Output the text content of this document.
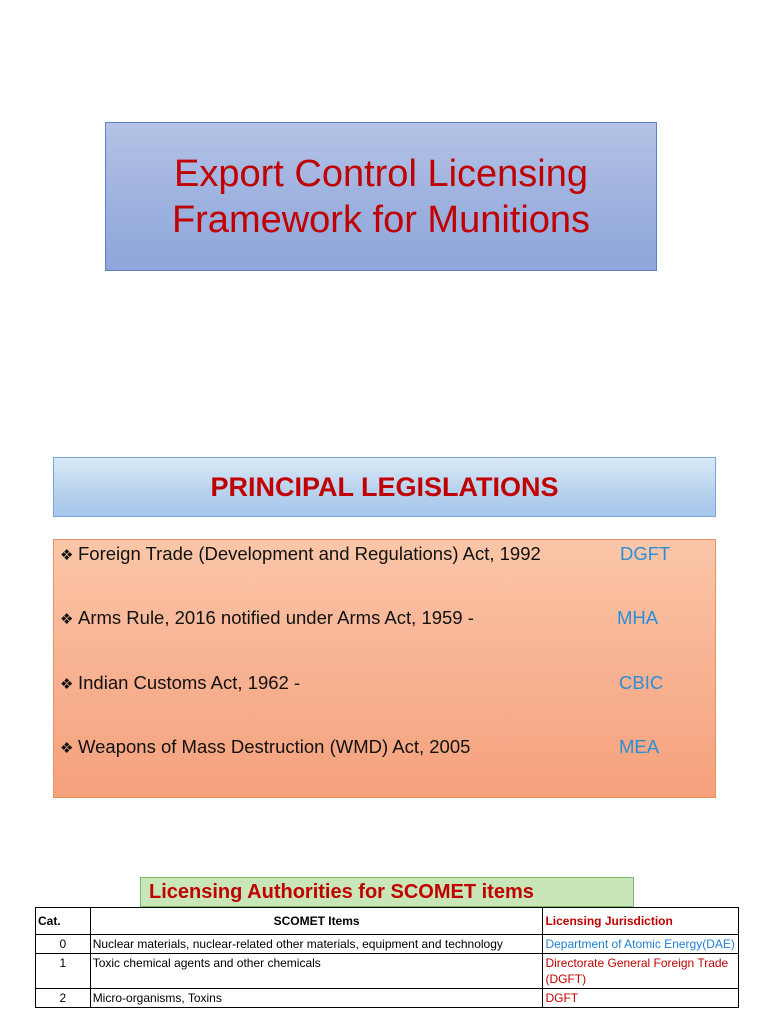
Export Control Licensing
Framework for Munitions
PRINCIPAL LEGISLATIONS
❖ Foreign Trade (Development and Regulations) Act, 1992	DGFT
❖ Arms Rule, 2016 notified under Arms Act, 1959 -	MHA
❖ Indian Customs Act, 1962 -	CBIC
❖ Weapons of Mass Destruction (WMD) Act, 2005	MEA
Licensing Authorities for SCOMET items
Cat.	SCOMET Items	Licensing Jurisdiction
0	Nuclear materials, nuclear-related other materials, equipment and technology	Department of Atomic Energy(DAE)
1	Toxic chemical agents and other chemicals	Directorate General Foreign Trade (DGFT)
2	Micro-organisms, Toxins	DGFT
